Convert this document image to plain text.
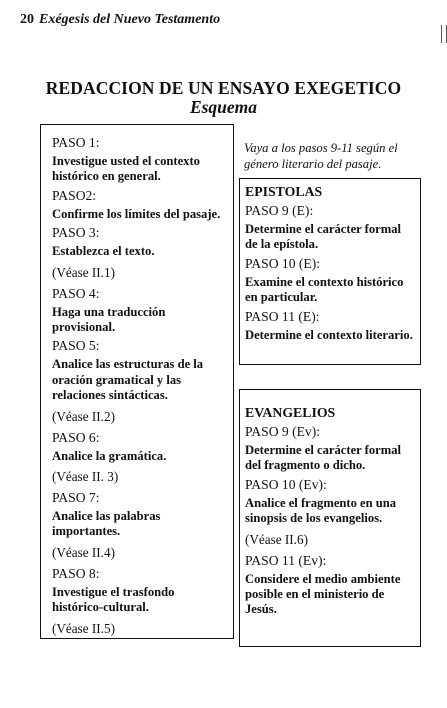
20 Exégesis del Nuevo Testamento
REDACCION DE UN ENSAYO EXEGETICO
Esquema
PASO 1:
Investigue usted el contexto histórico en general.
PASO2:
Confirme los límites del pasaje.
PASO 3:
Establezca el texto.
(Véase II.1)
PASO 4:
Haga una traducción provisional.
PASO 5:
Analice las estructuras de la oración gramatical y las relaciones sintácticas.
(Véase II.2)
PASO 6:
Analice la gramática.
(Véase II. 3)
PASO 7:
Analice las palabras importantes.
(Véase II.4)
PASO 8:
Investigue el trasfondo histórico-cultural.
(Véase II.5)
Vaya a los pasos 9-11 según el género literario del pasaje.
EPISTOLAS
PASO 9 (E):
Determine el carácter formal de la epístola.
PASO 10 (E):
Examine el contexto histórico en particular.
PASO 11 (E):
Determine el contexto literario.
EVANGELIOS
PASO 9 (Ev):
Determine el carácter formal del fragmento o dicho.
PASO 10 (Ev):
Analice el fragmento en una sinopsis de los evangelios.
(Véase II.6)
PASO 11 (Ev):
Considere el medio ambiente posible en el ministerio de Jesús.
